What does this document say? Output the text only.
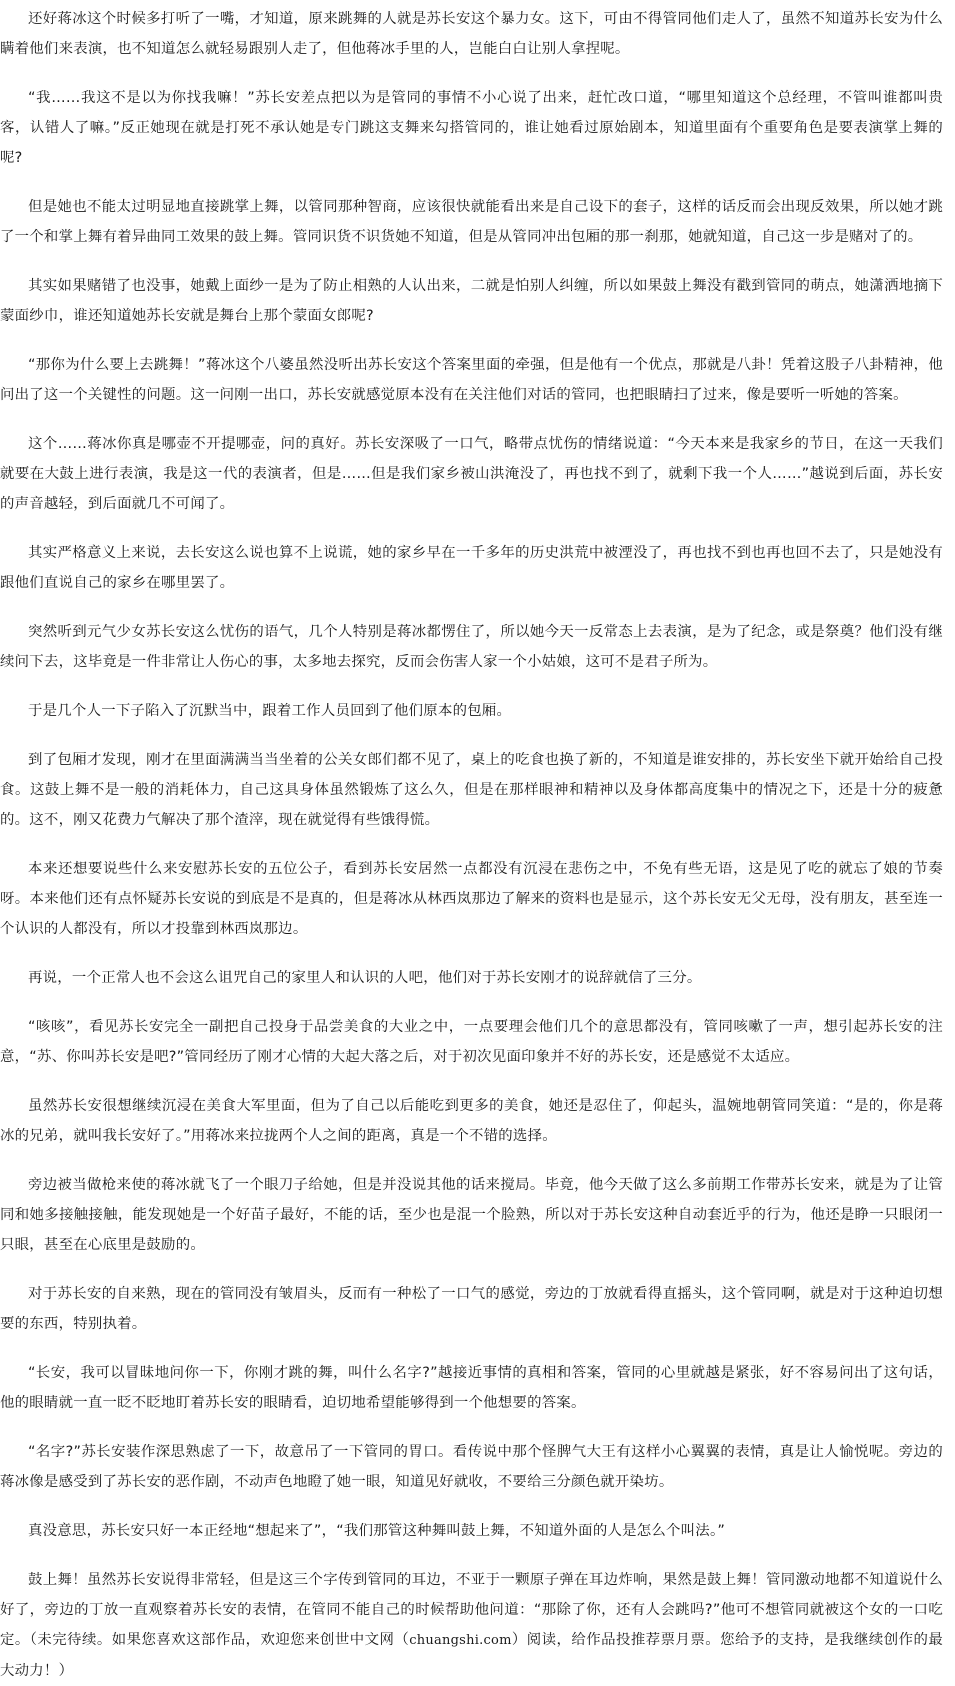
还好蒋冰这个时候多打听了一嘴，才知道，原来跳舞的人就是苏长安这个暴力女。这下，可由不得管同他们走人了，虽然不知道苏长安为什么瞒着他们来表演，也不知道怎么就轻易跟别人走了，但他蒋冰手里的人，岂能白白让别人拿捏呢。

“我……我这不是以为你找我嘛！”苏长安差点把以为是管同的事情不小心说了出来，赶忙改口道，“哪里知道这个总经理，不管叫谁都叫贵客，认错人了嘛。”反正她现在就是打死不承认她是专门跳这支舞来勾搭管同的，谁让她看过原始剧本，知道里面有个重要角色是要表演掌上舞的呢?

但是她也不能太过明显地直接跳掌上舞，以管同那种智商，应该很快就能看出来是自己设下的套子，这样的话反而会出现反效果，所以她才跳了一个和掌上舞有着异曲同工效果的鼓上舞。管同识货不识货她不知道，但是从管同冲出包厢的那一刹那，她就知道，自己这一步是赌对了的。

其实如果赌错了也没事，她戴上面纱一是为了防止相熟的人认出来，二就是怕别人纠缠，所以如果鼓上舞没有戳到管同的萌点，她潇洒地摘下蒙面纱巾，谁还知道她苏长安就是舞台上那个蒙面女郎呢?

“那你为什么要上去跳舞！”蒋冰这个八婆虽然没听出苏长安这个答案里面的牵强，但是他有一个优点，那就是八卦！凭着这股子八卦精神，他问出了这一个关键性的问题。这一问刚一出口，苏长安就感觉原本没有在关注他们对话的管同，也把眼睛扫了过来，像是要听一听她的答案。

这个……蒋冰你真是哪壶不开提哪壶，问的真好。苏长安深吸了一口气，略带点忧伤的情绪说道：“今天本来是我家乡的节日，在这一天我们就要在大鼓上进行表演，我是这一代的表演者，但是……但是我们家乡被山洪淹没了，再也找不到了，就剩下我一个人……”越说到后面，苏长安的声音越轻，到后面就几不可闻了。

其实严格意义上来说，去长安这么说也算不上说谎，她的家乡早在一千多年的历史洪荒中被湮没了，再也找不到也再也回不去了，只是她没有跟他们直说自己的家乡在哪里罢了。

突然听到元气少女苏长安这么忧伤的语气，几个人特别是蒋冰都愣住了，所以她今天一反常态上去表演，是为了纪念，或是祭奠？他们没有继续问下去，这毕竟是一件非常让人伤心的事，太多地去探究，反而会伤害人家一个小姑娘，这可不是君子所为。

于是几个人一下子陷入了沉默当中，跟着工作人员回到了他们原本的包厢。

到了包厢才发现，刚才在里面满满当当坐着的公关女郎们都不见了，桌上的吃食也换了新的，不知道是谁安排的，苏长安坐下就开始给自己投食。这鼓上舞不是一般的消耗体力，自己这具身体虽然锻炼了这么久，但是在那样眼神和精神以及身体都高度集中的情况之下，还是十分的疲惫的。这不，刚又花费力气解决了那个渣滓，现在就觉得有些饿得慌。

本来还想要说些什么来安慰苏长安的五位公子，看到苏长安居然一点都没有沉浸在悲伤之中，不免有些无语，这是见了吃的就忘了娘的节奏呀。本来他们还有点怀疑苏长安说的到底是不是真的，但是蒋冰从林西岚那边了解来的资料也是显示，这个苏长安无父无母，没有朋友，甚至连一个认识的人都没有，所以才投靠到林西岚那边。

再说，一个正常人也不会这么诅咒自己的家里人和认识的人吧，他们对于苏长安刚才的说辞就信了三分。

“咳咳”，看见苏长安完全一副把自己投身于品尝美食的大业之中，一点要理会他们几个的意思都没有，管同咳嗽了一声，想引起苏长安的注意，“苏、你叫苏长安是吧?”管同经历了刚才心情的大起大落之后，对于初次见面印象并不好的苏长安，还是感觉不太适应。

虽然苏长安很想继续沉浸在美食大军里面，但为了自己以后能吃到更多的美食，她还是忍住了，仰起头，温婉地朝管同笑道：“是的，你是蒋冰的兄弟，就叫我长安好了。”用蒋冰来拉拢两个人之间的距离，真是一个不错的选择。

旁边被当做枪来使的蒋冰就飞了一个眼刀子给她，但是并没说其他的话来搅局。毕竟，他今天做了这么多前期工作带苏长安来，就是为了让管同和她多接触接触，能发现她是一个好苗子最好，不能的话，至少也是混一个脸熟，所以对于苏长安这种自动套近乎的行为，他还是睁一只眼闭一只眼，甚至在心底里是鼓励的。

对于苏长安的自来熟，现在的管同没有皱眉头，反而有一种松了一口气的感觉，旁边的丁放就看得直摇头，这个管同啊，就是对于这种迫切想要的东西，特别执着。

“长安，我可以冒昧地问你一下，你刚才跳的舞，叫什么名字?”越接近事情的真相和答案，管同的心里就越是紧张，好不容易问出了这句话，他的眼睛就一直一眨不眨地盯着苏长安的眼睛看，迫切地希望能够得到一个他想要的答案。

“名字?”苏长安装作深思熟虑了一下，故意吊了一下管同的胃口。看传说中那个怪脾气大王有这样小心翼翼的表情，真是让人愉悦呢。旁边的蒋冰像是感受到了苏长安的恶作剧，不动声色地瞪了她一眼，知道见好就收，不要给三分颜色就开染坊。

真没意思，苏长安只好一本正经地“想起来了”，“我们那管这种舞叫鼓上舞，不知道外面的人是怎么个叫法。”

鼓上舞！虽然苏长安说得非常轻，但是这三个字传到管同的耳边，不亚于一颗原子弹在耳边炸响，果然是鼓上舞！管同激动地都不知道说什么好了，旁边的丁放一直观察着苏长安的表情，在管同不能自己的时候帮助他问道：“那除了你，还有人会跳吗?”他可不想管同就被这个女的一口吃定。（未完待续。如果您喜欢这部作品，欢迎您来创世中文网（chuangshi.com）阅读，给作品投推荐票月票。您给予的支持，是我继续创作的最大动力！）
